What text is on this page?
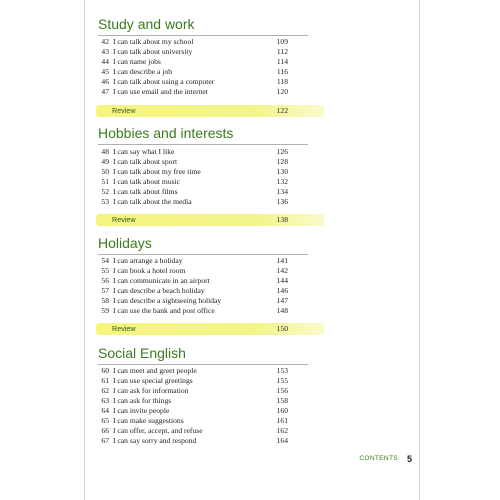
Study and work
42 I can talk about my school	109
43 I can talk about university	112
44 I can name jobs	114
45 I can describe a job	116
46 I can talk about using a computer	118
47 I can use email and the internet	120
Review	122
Hobbies and interests
48 I can say what I like	126
49 I can talk about sport	128
50 I can talk about my free time	130
51 I can talk about music	132
52 I can talk about films	134
53 I can talk about the media	136
Review	138
Holidays
54 I can arrange a holiday	141
55 I can book a hotel room	142
56 I can communicate in an airport	144
57 I can describe a beach holiday	146
58 I can describe a sightseeing holiday	147
59 I can use the bank and post office	148
Review	150
Social English
60 I can meet and greet people	153
61 I can use special greetings	155
62 I can ask for information	156
63 I can ask for things	158
64 I can invite people	160
65 I can make suggestions	161
66 I can offer, accept, and refuse	162
67 I can say sorry and respond	164
CONTENTS 5
